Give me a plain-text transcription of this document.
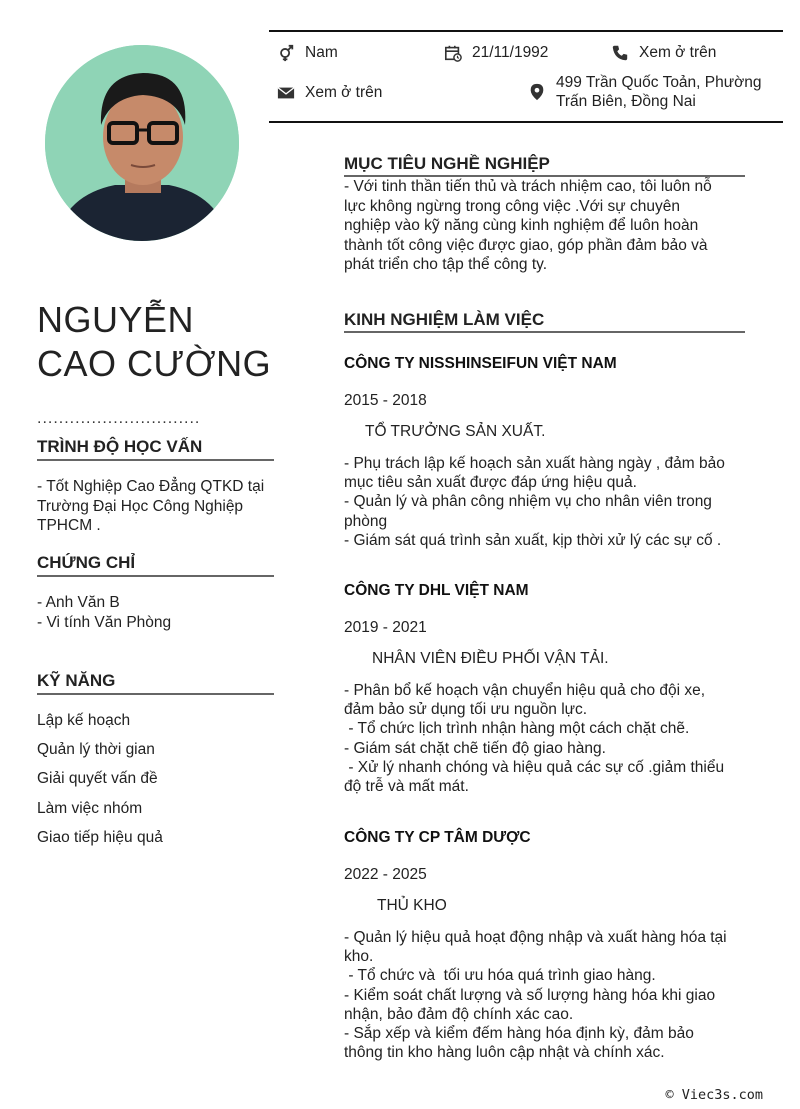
NGUYỄN
CAO CƯỜNG
..............................
TRÌNH ĐỘ HỌC VẤN
- Tốt Nghiệp Cao Đẳng QTKD tại
Trường Đại Học Công Nghiệp
TPHCM .
CHỨNG CHỈ
- Anh Văn B
- Vi tính Văn Phòng
KỸ NĂNG
Lập kế hoạch
Quản lý thời gian
Giải quyết vấn đề
Làm việc nhóm
Giao tiếp hiệu quả
Nam	21/11/1992	Xem ở trên
Xem ở trên
499 Trần Quốc Toản, Phường
Trấn Biên, Đồng Nai
MỤC TIÊU NGHỀ NGHIỆP
- Với tinh thần tiến thủ và trách nhiệm cao, tôi luôn nỗ
lực không ngừng trong công việc .Với sự chuyên
nghiệp vào kỹ năng cùng kinh nghiệm để luôn hoàn
thành tốt công việc được giao, góp phần đảm bảo và
phát triển cho tập thể công ty.
KINH NGHIỆM LÀM VIỆC
CÔNG TY NISSHINSEIFUN VIỆT NAM
2015 - 2018
TỔ TRƯỞNG SẢN XUẤT.
- Phụ trách lập kế hoạch sản xuất hàng ngày , đảm bảo
mục tiêu sản xuất được đáp ứng hiệu quả.
- Quản lý và phân công nhiệm vụ cho nhân viên trong
phòng
- Giám sát quá trình sản xuất, kịp thời xử lý các sự cố .
CÔNG TY DHL VIỆT NAM
2019 - 2021
NHÂN VIÊN ĐIỀU PHỐI VẬN TẢI.
- Phân bổ kế hoạch vận chuyển hiệu quả cho đội xe,
đảm bảo sử dụng tối ưu nguồn lực.
- Tổ chức lịch trình nhận hàng một cách chặt chẽ.
- Giám sát chặt chẽ tiến độ giao hàng.
- Xử lý nhanh chóng và hiệu quả các sự cố .giảm thiểu
độ trễ và mất mát.
CÔNG TY CP TÂM DƯỢC
2022 - 2025
THỦ KHO
- Quản lý hiệu quả hoạt động nhập và xuất hàng hóa tại
kho.
- Tổ chức và  tối ưu hóa quá trình giao hàng.
- Kiểm soát chất lượng và số lượng hàng hóa khi giao
nhận, bảo đảm độ chính xác cao.
- Sắp xếp và kiểm đếm hàng hóa định kỳ, đảm bảo
thông tin kho hàng luôn cập nhật và chính xác.
© Viec3s.com
